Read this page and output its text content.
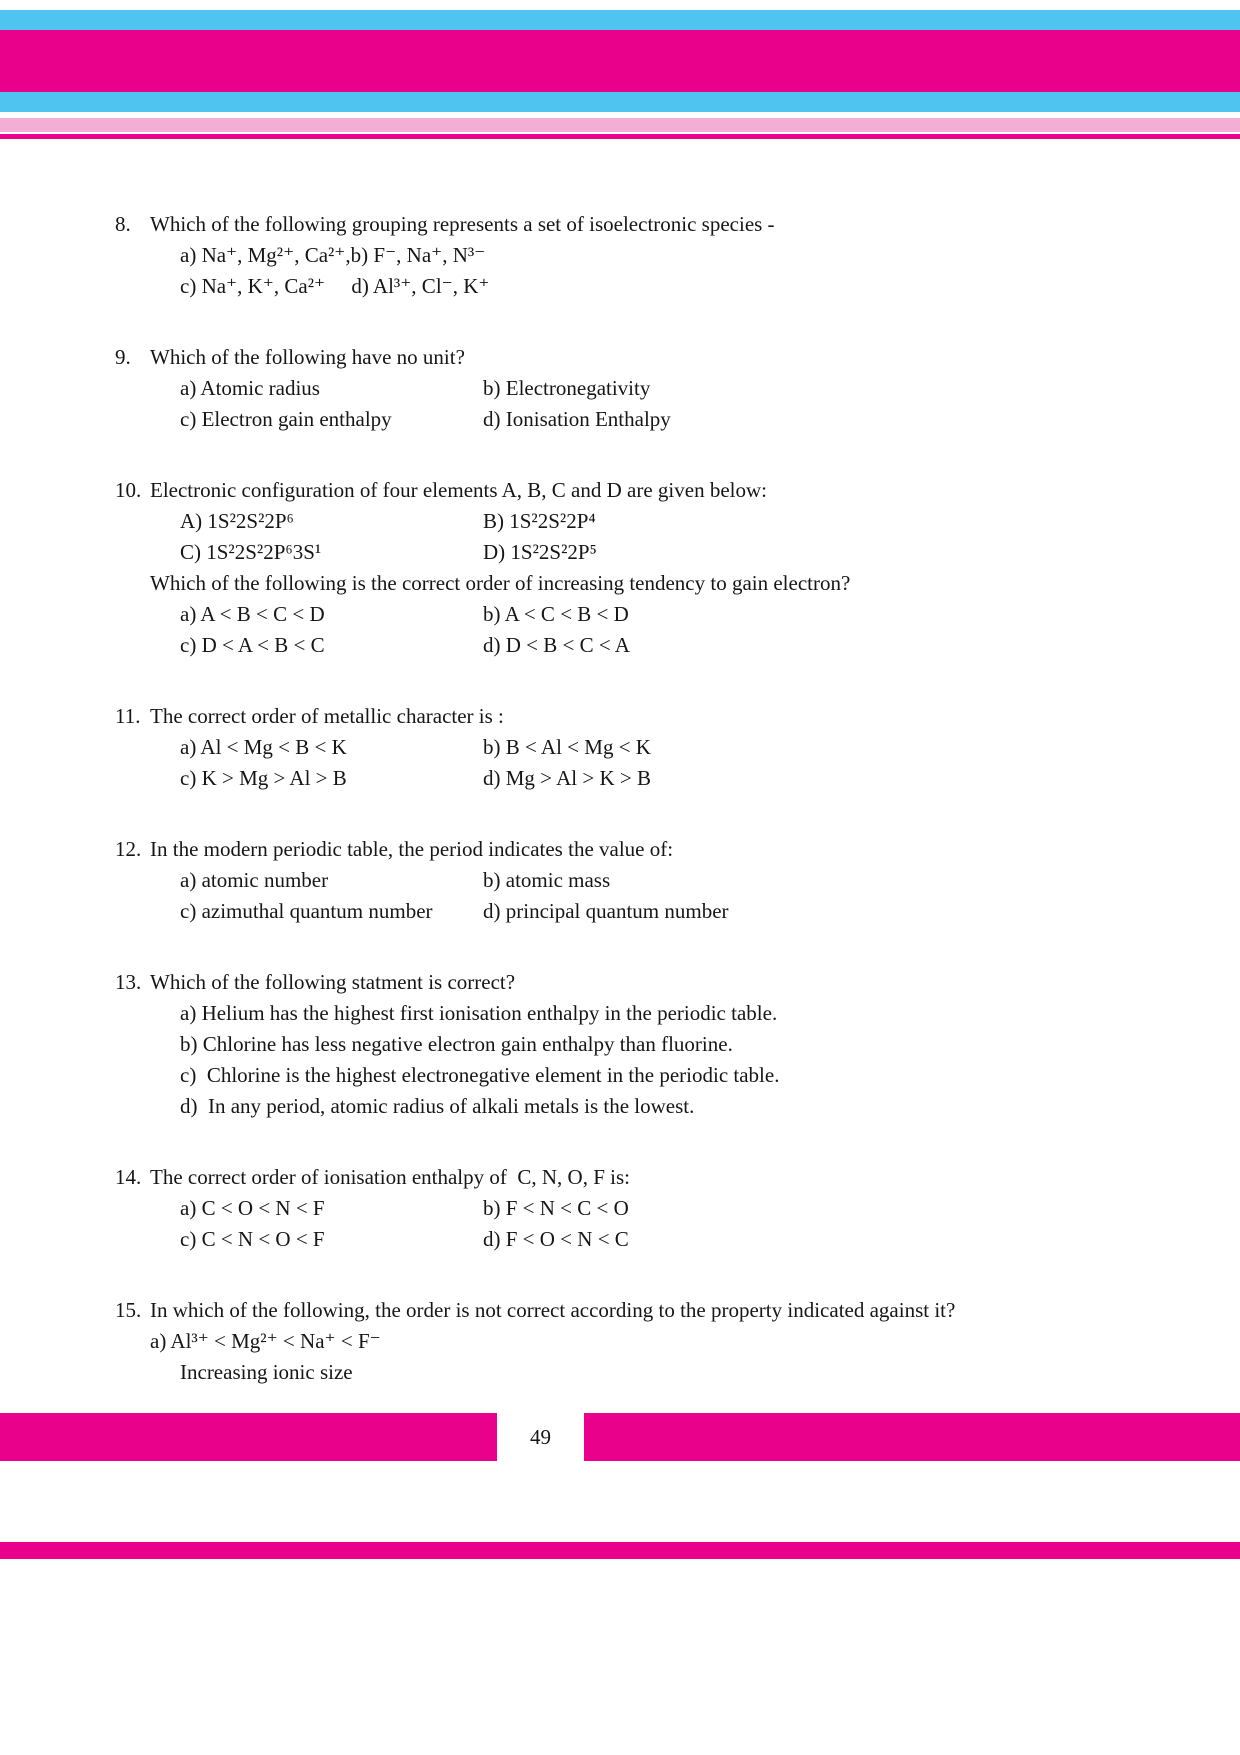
8. Which of the following grouping represents a set of isoelectronic species -
a) Na⁺, Mg²⁺, Ca²⁺,b) F⁻, Na⁺, N³⁻
c) Na⁺, K⁺, Ca²⁺     d) Al³⁺, Cl⁻, K⁺
9. Which of the following have no unit?
a) Atomic radius	b) Electronegativity
c) Electron gain enthalpy	d) Ionisation Enthalpy
10. Electronic configuration of four elements A, B, C and D are given below:
A) 1S²2S²2P⁶	B) 1S²2S²2P⁴
C) 1S²2S²2P⁶3S¹	D) 1S²2S²2P⁵
Which of the following is the correct order of increasing tendency to gain electron?
a) A < B < C < D	b) A < C < B < D
c) D < A < B < C	d) D < B < C < A
11. The correct order of metallic character is :
a) Al < Mg < B < K	b) B < Al < Mg < K
c) K > Mg > Al > B	d) Mg > Al > K > B
12. In the modern periodic table, the period indicates the value of:
a) atomic number	b) atomic mass
c) azimuthal quantum number	d) principal quantum number
13. Which of the following statment is correct?
a) Helium has the highest first ionisation enthalpy in the periodic table.
b) Chlorine has less negative electron gain enthalpy than fluorine.
c)  Chlorine is the highest electronegative element in the periodic table.
d)  In any period, atomic radius of alkali metals is the lowest.
14. The correct order of ionisation enthalpy of  C, N, O, F is:
a) C < O < N < F	b) F < N < C < O
c) C < N < O < F	d) F < O < N < C
15. In which of the following, the order is not correct according to the property indicated against it?
a) Al³⁺ < Mg²⁺ < Na⁺ < F⁻
Increasing ionic size
49
